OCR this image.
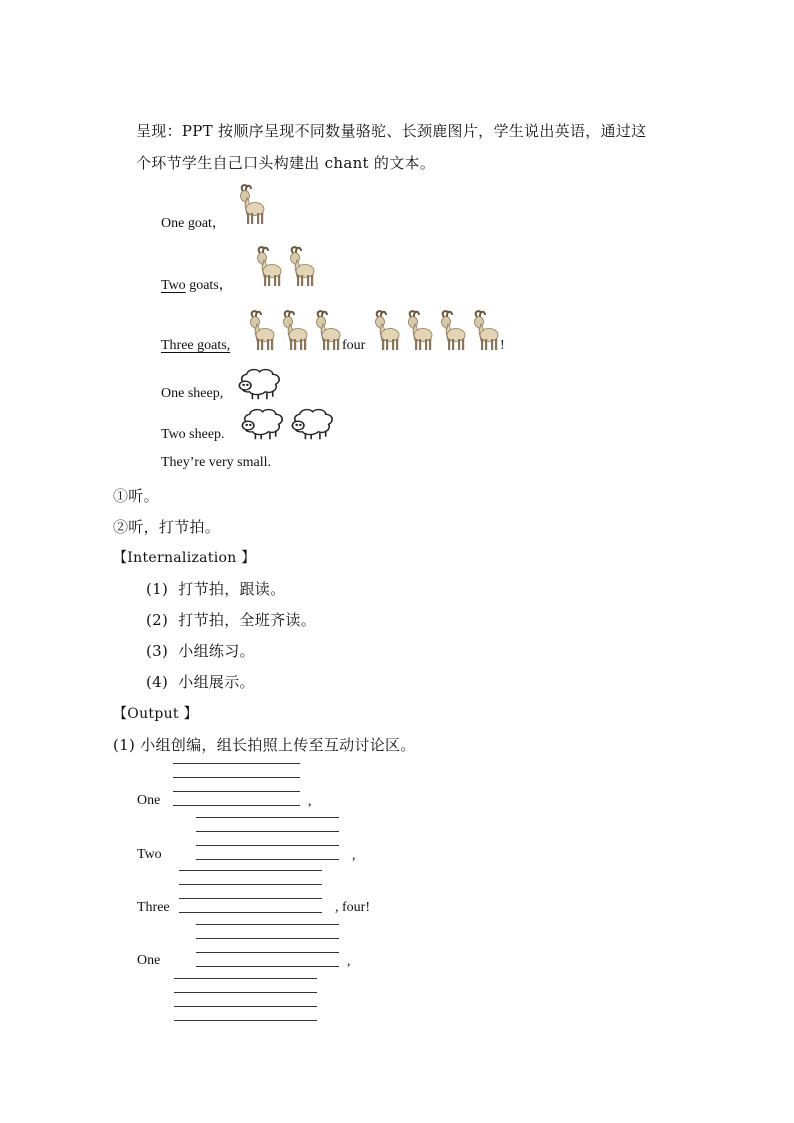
呈现：PPT 按顺序呈现不同数量骆驼、长颈鹿图片，学生说出英语，通过这
个环节学生自己口头构建出 chant 的文本。
One goat，
Two goats，
Three goats,	four	!
One sheep,
Two sheep.
They’re very small.
①听。
②听，打节拍。
【Internalization 】
(1) 打节拍，跟读。
(2) 打节拍，全班齐读。
(3) 小组练习。
(4) 小组展示。
【Output 】
(1) 小组创编，组长拍照上传至互动讨论区。
One	,
Two	,
Three	, four!
One	,
